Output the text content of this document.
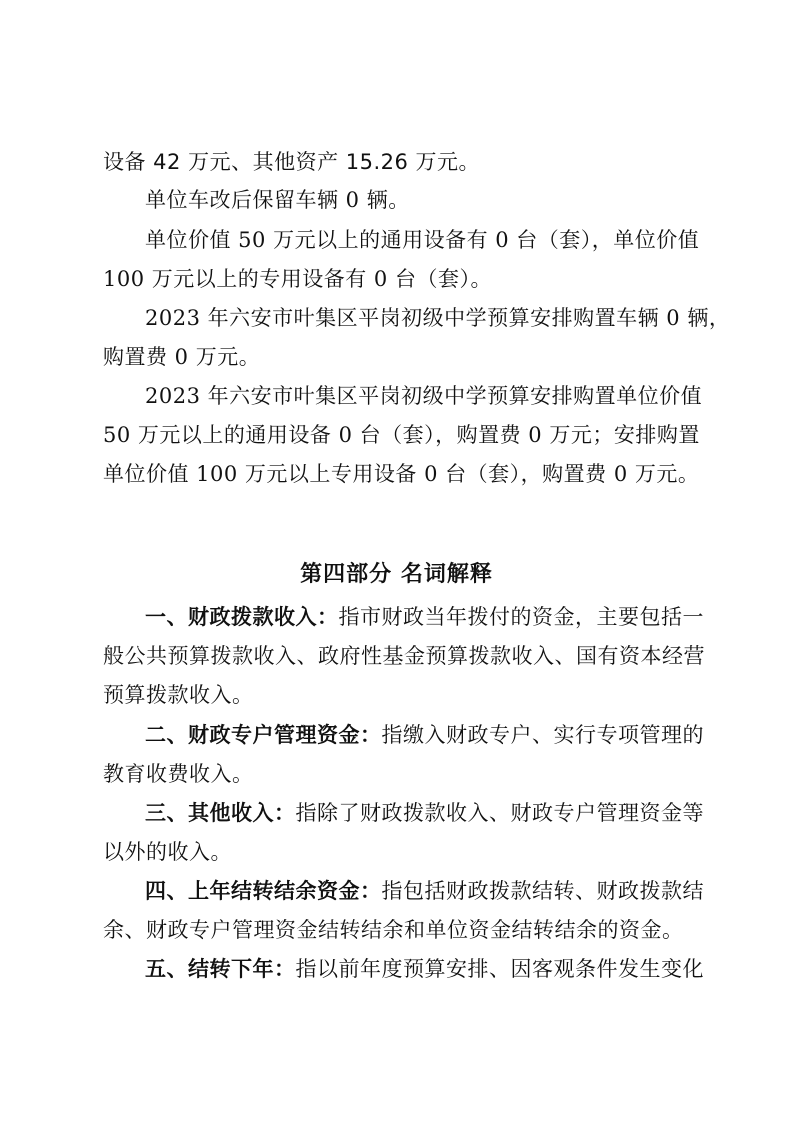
设备 42 万元、其他资产 15.26 万元。
单位车改后保留车辆 0 辆。
单位价值 50 万元以上的通用设备有 0 台（套），单位价值
100 万元以上的专用设备有 0 台（套）。
2023 年六安市叶集区平岗初级中学预算安排购置车辆 0 辆，
购置费 0 万元。
2023 年六安市叶集区平岗初级中学预算安排购置单位价值
50 万元以上的通用设备 0 台（套），购置费 0 万元；安排购置
单位价值 100 万元以上专用设备 0 台（套），购置费 0 万元。
第四部分 名词解释
一、财政拨款收入：指市财政当年拨付的资金，主要包括一
般公共预算拨款收入、政府性基金预算拨款收入、国有资本经营
预算拨款收入。
二、财政专户管理资金：指缴入财政专户、实行专项管理的
教育收费收入。
三、其他收入：指除了财政拨款收入、财政专户管理资金等
以外的收入。
四、上年结转结余资金：指包括财政拨款结转、财政拨款结
余、财政专户管理资金结转结余和单位资金结转结余的资金。
五、结转下年：指以前年度预算安排、因客观条件发生变化
